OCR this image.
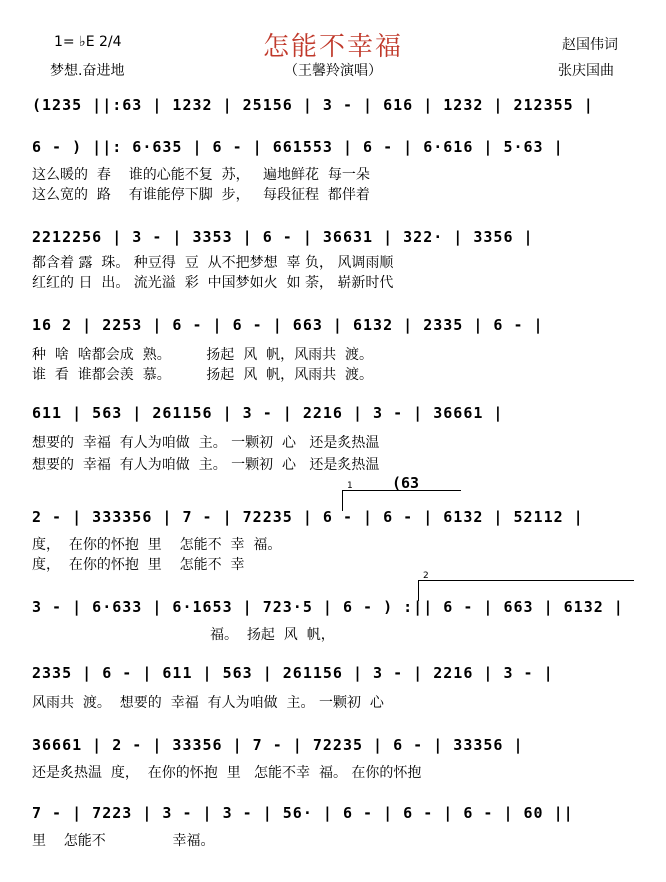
怎能不幸福
1= ♭E 2/4
梦想.奋进地	（王馨羚演唱）
赵国伟词
张庆国曲
(1235 ||:63 | 1232 | 25156 | 3 - | 616 | 1232 | 212355 |
6 - ) ||: 6·635 | 6 - | 661553 | 6 - | 6·616 | 5·63 |
这么暖的  春    谁的心能不复  苏，   遍地鲜花  每一朵
这么宽的  路    有谁能停下脚  步，   每段征程  都伴着
2212256 | 3 - | 3353 | 6 - | 36631 | 322· | 3356 |
都含着 露  珠。 种豆得  豆  从不把梦想  辜 负， 风调雨顺
红红的 日  出。 流光溢  彩  中国梦如火  如 荼， 崭新时代
16 2 | 2253 | 6 - | 6 - | 663 | 6132 | 2335 | 6 - |
种  啥  啥都会成  熟。        扬起  风  帆，风雨共  渡。
谁  看  谁都会羡  慕。        扬起  风  帆，风雨共  渡。
611 | 563 | 261156 | 3 - | 2216 | 3 - | 36661 |
想要的  幸福  有人为咱做  主。 一颗初  心   还是炙热温
想要的  幸福  有人为咱做  主。 一颗初  心   还是炙热温
1	(63
2 - | 333356 | 7 - | 72235 | 6 - | 6 - | 6132 | 52112 |
度，  在你的怀抱  里    怎能不  幸  福。
度，  在你的怀抱  里    怎能不  幸
2
3 - | 6·633 | 6·1653 | 723·5 | 6 - ) :|| 6 - | 663 | 6132 |
福。  扬起  风  帆，
2335 | 6 - | 611 | 563 | 261156 | 3 - | 2216 | 3 - |
风雨共  渡。  想要的  幸福  有人为咱做  主。 一颗初  心
36661 | 2 - | 33356 | 7 - | 72235 | 6 - | 33356 |
还是炙热温  度，  在你的怀抱  里   怎能不幸  福。 在你的怀抱
7 - | 7223 | 3 - | 3 - | 56· | 6 - | 6 - | 6 - | 60 ||
里    怎能不               幸福。
